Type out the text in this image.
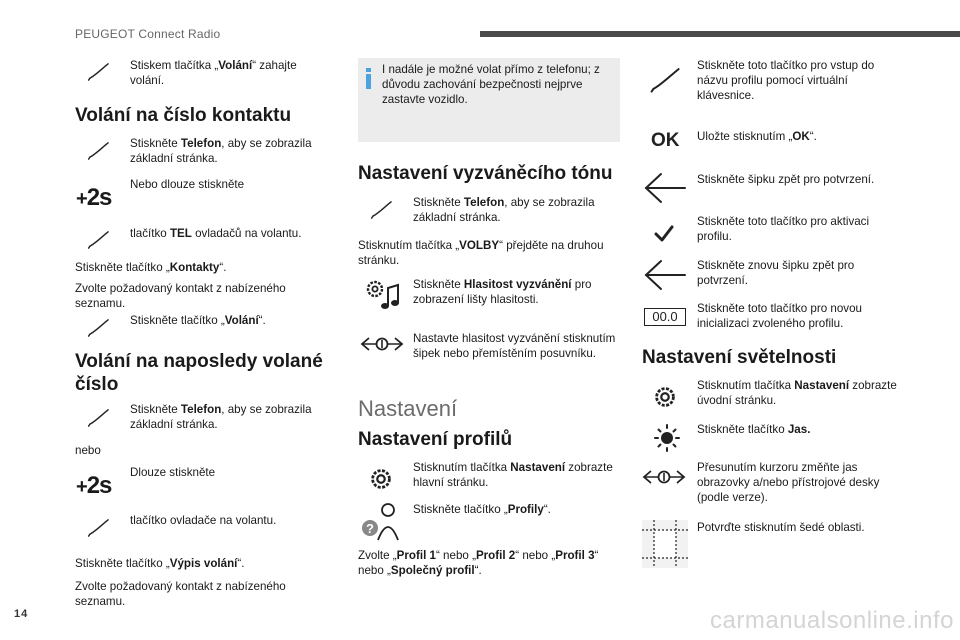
PEUGEOT Connect Radio
14	carmanualsonline.info
Stiskem tlačítka „Volání“ zahajte volání.
Volání na číslo kontaktu
Stiskněte Telefon, aby se zobrazila základní stránka.
Nebo dlouze stiskněte
+2s
tlačítko TEL ovladačů na volantu.
Stiskněte tlačítko „Kontakty“.
Zvolte požadovaný kontakt z nabízeného seznamu.
Stiskněte tlačítko „Volání“.
Volání na naposledy volané číslo
Stiskněte Telefon, aby se zobrazila základní stránka.
nebo
Dlouze stiskněte
+2s
tlačítko ovladače na volantu.
Stiskněte tlačítko „Výpis volání“.
Zvolte požadovaný kontakt z nabízeného seznamu.
I nadále je možné volat přímo z telefonu; z důvodu zachování bezpečnosti nejprve zastavte vozidlo.
Nastavení vyzváněcího tónu
Stiskněte Telefon, aby se zobrazila základní stránka.
Stisknutím tlačítka „VOLBY“ přejděte na druhou stránku.
Stiskněte Hlasitost vyzvánění pro zobrazení lišty hlasitosti.
Nastavte hlasitost vyzvánění stisknutím šipek nebo přemístěním posuvníku.
Nastavení
Nastavení profilů
Stisknutím tlačítka Nastavení zobrazte hlavní stránku.
?
Stiskněte tlačítko „Profily“.
Zvolte „Profil 1“ nebo „Profil 2“ nebo „Profil 3“ nebo „Společný profil“.
Stiskněte toto tlačítko pro vstup do názvu profilu pomocí virtuální klávesnice.
OK Uložte stisknutím „OK“.
Stiskněte šipku zpět pro potvrzení.
Stiskněte toto tlačítko pro aktivaci profilu.
Stiskněte znovu šipku zpět pro potvrzení.
00.0
Stiskněte toto tlačítko pro novou inicializaci zvoleného profilu.
Nastavení světelnosti
Stisknutím tlačítka Nastavení zobrazte úvodní stránku.
Stiskněte tlačítko Jas.
Přesunutím kurzoru změňte jas obrazovky a/nebo přístrojové desky (podle verze).
Potvrďte stisknutím šedé oblasti.
